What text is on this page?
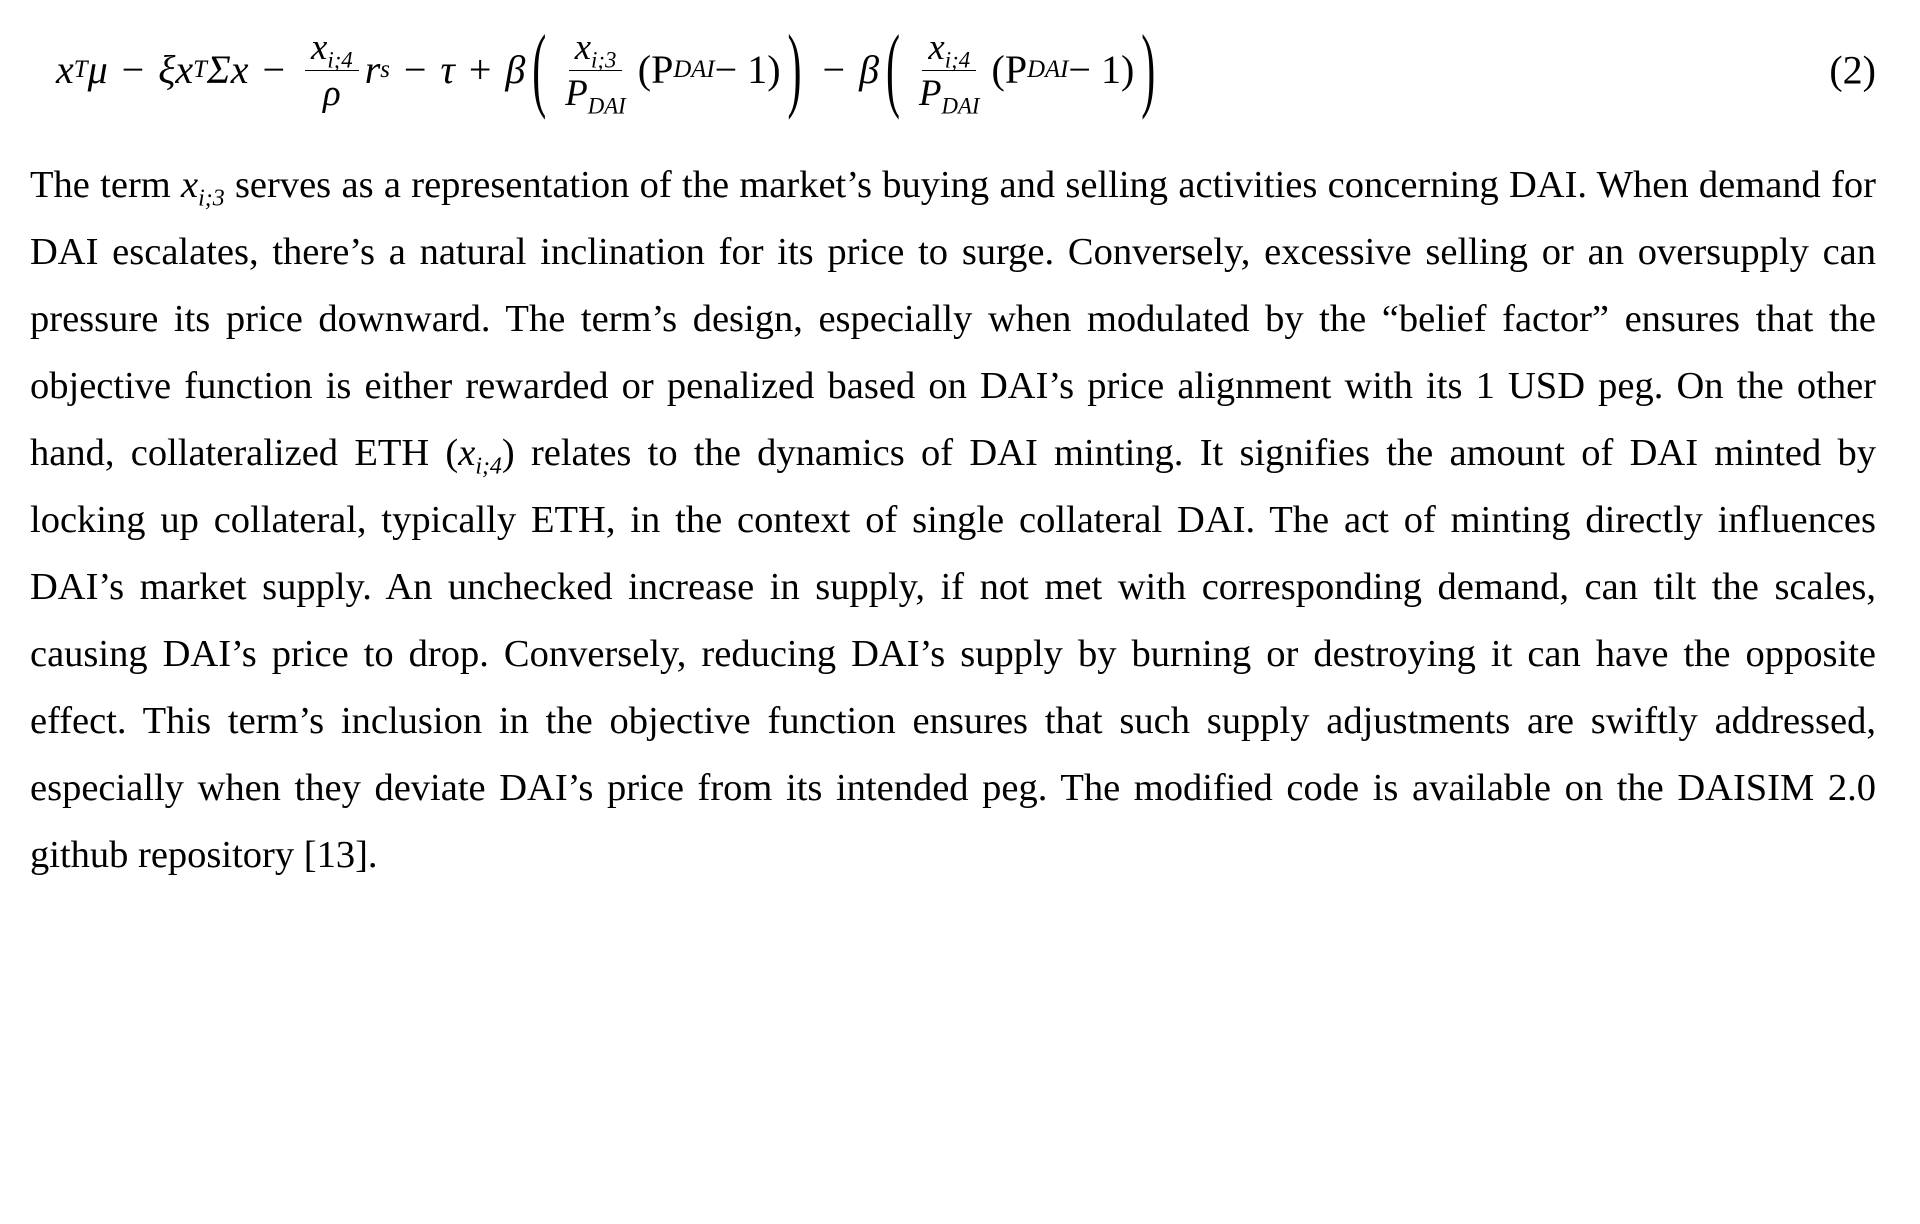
x T μ − ξ x T Σ $x - \frac{x_{i;4}}{\rho}$ r s − τ + β ( $\frac{x_{i;3}}{P_{DAI}} (P$ DAI − 1) ) − β ( $\frac{x_{i;4}}{P_{DAI}} (P$ DAI − 1) )	(2)
The term $x_{i;3}$ serves as a representation of the market’s buying and selling activities concerning DAI. When demand for DAI escalates, there’s a natural inclination for its price to surge. Conversely, excessive selling or an oversupply can pressure its price downward. The term’s design, especially when modulated by the “belief factor” ensures that the objective function is either rewarded or penalized based on DAI’s price alignment with its 1 USD peg. On the other hand, collateralized ETH $(x_{i;4})$ relates to the dynamics of DAI minting. It signifies the amount of DAI minted by locking up collateral, typically ETH, in the context of single collateral DAI. The act of minting directly influences DAI’s market supply. An unchecked increase in supply, if not met with corresponding demand, can tilt the scales, causing DAI’s price to drop. Conversely, reducing DAI’s supply by burning or destroying it can have the opposite effect. This term’s inclusion in the objective function ensures that such supply adjustments are swiftly addressed, especially when they deviate DAI’s price from its intended peg. The modified code is available on the DAISIM 2.0 github repository [13].
